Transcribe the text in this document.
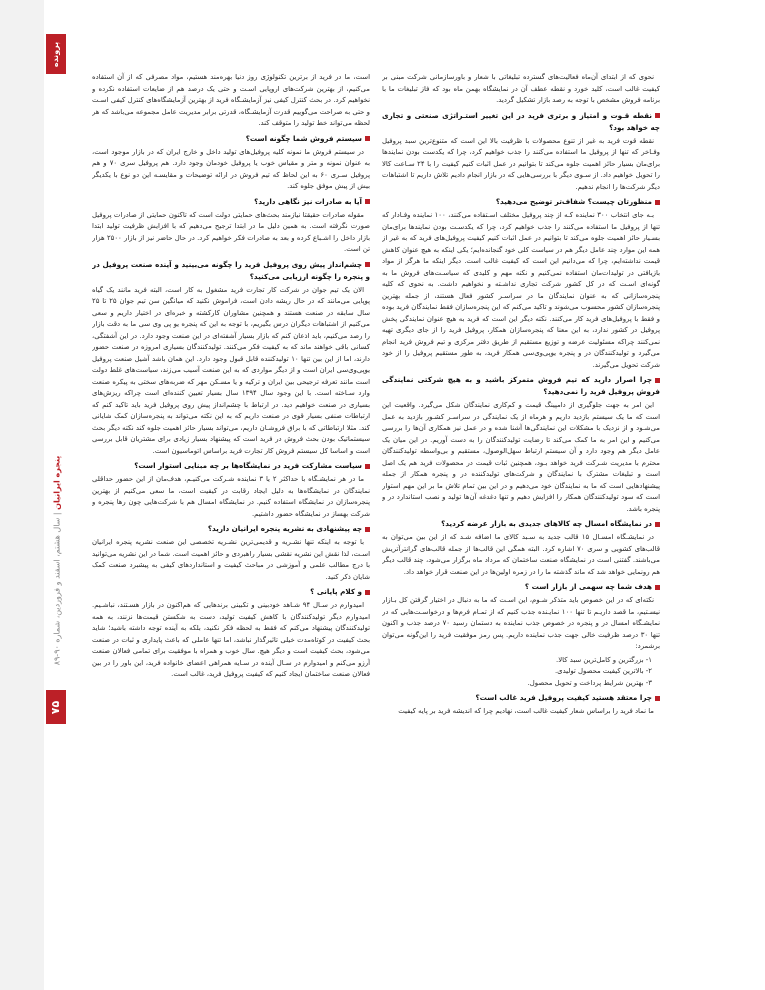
پرونده
پنجره ایرانیان | سال هشتم، اسفند و فروردین، شماره ۹۰-۸۹
۷۵

نحوی که از ابتدای آن‌ماه فعالیت‌های گسترده تبلیغاتی با شعار و باورسازمانی شرکت مبنی بر کیفیت غالب است، کلید خورد و نقطه عطف آن در نمایشگاه بهمن ماه بود که فاز تبلیغات ما با برنامه فروش مشخص با توجه به رصد بازار تشکیل گردید.

نقطه قـوت و امتیاز و برتری فرید در این تغییر استـراتژی صنعتی و تجاری چه خواهد بود؟

نقطه قوت فرید به غیر از تنوع محصولات با ظرفیت بالا این است که متنوع‌ترین سبد پروفیل وفـاخر که تنها از پروفیل ما استفاده می‌کنند را جذب خواهیم کرد، چرا که یکدست بودن نمایندها برای‌مان بسیار حائز اهمیت جلوه می‌کند تا بتوانیم در عمل اثبات کنیم کیفیت را با ۲۴ سـاعت کالا را تحویل خواهیم داد. از سـوی دیگر با بررسی‌هایی که در بازار انجام دادیم تلاش داریم تا اشتباهات دیگر شرکت‌ها را انجام ندهیم.

منظورتان چیست؟ شفاف‌تر توضیح می‌دهید؟

بـه جای انتخاب ۳۰۰ نماینده کـه از چند پروفیل مختلف اسـتفاده می‌کنند، ۱۰۰ نماینده وفـادار که تنها از پروفیل ما استفاده می‌کنند را جذب خواهیم کرد، چرا که یکدسـت بودن نمایندها برای‌مان بسـیار حائز اهمیت جلوه می‌کند تا بتوانیم در عمل اثبات کنیم کیفیت پروفیل‌های فرید که به غیر از همه این موارد چند عامل دیگر هم در سیاست کلی خود گنجانده‌ایم؛ یکی اینکه به هیچ عنوان کاهش قیمت نداشته‌ایم، چرا که می‌دانیم این است که کیفیت غالب است. دیگر اینکه ما هرگز از مواد بازیافتی در تولیدات‌مان استفاده نمی‌کنیم و نکته مهم و کلیدی که سیاسـت‌های فروش ما به گونه‌ای اسـت که در کل کشور شرکت تجاری نداشـته و نخواهیم داشت. به نحوی که کلیه پنجره‌سازانی که به عنوان نمایندگان ما در سراسـر کشور فعال هستند، از جمله بهترین پنجره‌سازان کشور محسوب می‌شوند و تاکید می‌کنم که این پنجره‌سازان فقط نمایندگان فرید بوده و فقط با پروفیل‌های فرید کار می‌کنند. نکته دیگر این است که فرید به هیچ عنوان نمایندگی پخش پروفیل در کشور ندارد، به این معنا که پنجره‌سازان همکار، پروفیل فرید را از جای دیگری تهیه نمی‌کنند چراکه مسئولیت عرضه و توزیع مستقیم از طریق دفتر مرکزی و تیم فروش فرید انجام می‌گیرد و تولیدکنندگان در و پنجره یوپی‌وی‌سی همکار فرید، به طور مستقیم پروفیل را از خود شرکت تحویل می‌گیرند.

چرا اصرار دارید که تیم فروش متمرکز باشید و به هیچ شرکتی نمایندگی فروش پروفیل فرید را نمی‌دهید؟

این امر به جهت جلوگیری از دامپینگ قیمت و کم‌کاری نمایندگان شکل می‌گیرد. واقعیت این است که ما یک سیستم بازدید داریم و هرماه از یک نمایندگی در سراسـر کشـور بازدید به عمل می‌شـود و از نزدیک با مشکلات این نمایندگی‌ها آشنا شده و در عمل نیز همکاری آن‌ها را بررسی می‌کنیم و این امر به ما کمک می‌کند تا رضایت تولیدکنندگان را به دست آوریم. در این میان یک عامل دیگر هم وجود دارد و آن سیستم ارتباط سهل‌الوصول، مستقیم و بی‌واسطه تولیدکنندگان محترم با مدیریت شـرکت فرید خواهد بـود، همچنین ثبات قیمت در محصولات فرید هم یک اصل است و تبلیغات مشترک با نمایندگان و شرکت‌های تولیدکننده در و پنجره همکار از جمله پیشنهادهایی است که ما به نمایندگان خود می‌دهیم و در این بین تمام تلاش ما بر این مهم استوار است که سود تولیدکنندگان همکار را افزایش دهیم و تنها دغدغه آن‌ها تولید و نصب استاندارد در و پنجره باشد.

در نمایشگاه امسال چه کالاهای جدیدی به بازار عرضه کردید؟

در نمایشـگاه امسـال ۱۵ قالب جدید به سـبد کالای ما اضافه شـد که از این بین می‌توان به قالب‌های کشویی و سری ۷۰ اشاره کرد. البته همگی این قالب‌ها از جمله قالب‌های گرانترآتریش می‌باشند. گفتنی است در نمایشگاه صنعت ساختمان که مرداد ماه برگزار می‌شود، چند قالب دیگر هم رونمایی خواهد شد که ماند گذشته ما را در زمره اولین‌ها در این صنعت قرار خواهد داد.

هدف شما چه سهمی از بازار است ؟

نکته‌ای که در این خصوص باید متذکر شـوم، این اسـت که ما به دنبال در اختیار گرفتن کل بـازار نیسـتیم، ما قصد داریـم تا تنها ۱۰۰ نمایـنده جذب کنیم که از تمـام فرم‌ها و درخواسـت‌هایی که در نمایشـگاه امسال در و پنجره در خصوص جذب نماینده به دستمان رسید ۷۰ درصد جذب و اکنون تنها ۳۰ درصد ظرفیت خالی جهت جذب نماینده داریم. پس رمز موفقیت فرید را این‌گونه می‌توان برشمرد:

۱- بزرگترین و کامل‌ترین سبد کالا.
۲- بالاترین کیفیت محصول تولیدی.
۳- بهترین شرایط پرداخت و تحویل محصول.
چرا معتقد هستید کیفیت پروفیل فرید غالب است؟

ما نماد فرید را براساس شعار کیفیت غالب است، نهادیم چرا که اندیشه فرید بر پایه کیفیت

است، ما در فرید از برترین تکنولوژی روز دنیا بهره‌مند هستیم، مواد مصرفی که از آن استفاده می‌کنیم، از بهترین شرکت‌های اروپایی اسـت و حتی یک درصد هم از ضایعات استفاده نکرده و نخواهیم کرد. در بحث کنترل کیفی نیز آزمایشـگاه فرید از بهترین آزمایشگاه‌های کنترل کیفی اسـت و حتی به صراحت می‌گوییم قدرت آزمایشـگاه، قدرتی برابر مدیریت عامل مجموعه می‌باشد که هر لحظه می‌تواند خط تولید را متوقف کند.

سیستم فروش شما چگونه است؟

در سیستم فروش ما نمونه کلیه پروفیل‌های تولید داخل و خارج ایران که در بازار موجود است، به عنوان نمونه و متر و مقیاس خوب یا پروفیل خودمان وجود دارد. هم پروفیل سری ۷۰ و هم پروفیل سـری ۶۰ به این لحاظ که تیم فروش در ارائه توضیحات و مقایسـه این دو نوع با یکدیگر بیش از پیش موفق جلوه کند.

آیا به صادرات نیز نگاهی دارید؟

مقوله صادرات حقیقتا نیازمند بحث‌های حمایتی دولت است که تاکنون حمایتی از صادرات پروفیل صورت نگرفته است. به همین دلیل ما در ابتدا ترجیح می‌دهیم که با افزایش ظرفیت تولید ابتدا بازار داخل را اشـباع کرده و بعد به صادرات فکر خواهیم کرد. در حال حاضر نیز از بازار ۲۵۰۰ هزار تن است.

چشم‌انداز پیش روی پروفیل فرید را چگونه می‌بینید و آینده صنعت پروفیل در و پنجره را چگونه ارزیابی می‌کنید؟

الان یک تیم جوان در شرکت کار تجارت فرید مشغول به کار است، البته فرید مانند یک گیاه پوپایی می‌مانند که در حال ریشه دادن است، فراموش نکنید که میانگین سن تیم جوان ۲۵ تا ۲۵ سال سابقه در صنعت هستند و همچنین مشاوران کارکشته و خبره‌ای در اختیار داریم و سعی می‌کنیم از اشتباهات دیگران درس بگیریم، با توجه به این که پنجره یو پی وی سی ما به دقت بازار را رصد می‌کنیم، باید اذعان کنم که بازار بسیار آشفته‌ای در این صنعت وجود دارد. در این آشفتگی، کسانی باقی خواهند ماند که به کیفیت فکر می‌کنند. تولیدکنندگان بسیاری امروزه در صنعت حضور دارند، اما از این بین تنها ۱۰ تولیدکننده قابل قبول وجود دارد. این همان باشد آشیل صنعت پروفیل یوپی‌وی‌سی ایران است و از دیگر مواردی که به این صنعت آسیب می‌زند، سیاست‌های غلط دولت است مانند تعرفه ترجیحی بین ایران و ترکیه و یا مسـکن مهر که ضربه‌های سختی به پیکره صنعت وارد سـاخته است. با این وجود سال ۱۳۹۴ سال بسیار تعیین کننده‌ای است چراکه ریزش‌های بسیاری در صنعت خواهیم دید. در ارتباط با چشم‌انداز پیش روی پروفیل فرید باید تاکید کنم که ارتباطات صنفی بسیار قوی در صنعت داریم که به این نکته می‌تواند به پنجره‌سازان کمک شایانی کند. مثلا ارتباطاتی که با براق فروشـان داریم، می‌تواند بسیار حائز اهمیت جلوه کند نکته دیگر بحث سیستماتیک بودن بحث فروش در فرید است که پیشنهاد بسیار زیادی برای مشتریان قابل بررسی است و اساسا کل سیستم فروش کار تجارت فرید براساس اتوماسیون است.

سیاست مشارکت فرید در نمایشگاه‌ها بر چه مبنایی استوار است؟

ما در هر نمایشـگاه با حداکثر ۲ یا ۳ نماینده شـرکت می‌کنیـم، هدف‌مان از این حضور حداقلی نمایندگان در نمایشگاه‌ها به دلیل ایجاد رقابت در کیفیت است، ما سعی می‌کنیم از بهترین پنجره‌سازان در نمایشگاه استفاده کنیم. در نمایشگاه امسال هم با شرکت‌هایی چون رها پنجره و شرکت بهساز در نمایشگاه حضور داشتیم.

چه پیشنهادی به نشریه پنجره ایرانیان دارید؟

با توجه به اینکه تنها نشـریه و قدیمی‌ترین نشـریه تخصصی این صنعت نشریه پنجره ایرانیان اسـت، لذا نقش این نشریه نقشی بسیار راهبردی و حائز اهمیت است. شما در این نشریه می‌توانید با درج مطالب علمی و آموزشی در مباحث کیفیت و استانداردهای کیفی به پیشبرد صنعت کمک شایان ذکر کنید.

و کلام پایانی ؟

امیدوارم در سـال ۹۴ شـاهد خودبینی و تکبینی برندهایی که هم‌اکنون در بازار هسـتند، نباشـیم. امیدوارم دیگر تولیدکنندگان با کاهش کیفیت تولید، دست به شکستن قیمت‌ها نزنند، به همه تولیدکنندگان پیشنهاد می‌کنم که فقط به لحظه فکر نکنید، بلکه به آینده توجه داشته باشید؛ شاید بحث کیفیت در کوتاه‌مدت خیلی تاثیرگذار نباشد، اما تنها عاملی که باعث پایداری و ثبات در صنعت می‌شود، بحث کیفیت است و دیگر هیچ. سال خوب و همراه با موفقیت برای تمامی فعالان صنعت آرزو می‌کنم و امیدوارم در سـال آینده در سـایه همراهی اعضای خانواده فرید، این باور را در بین فعالان صنعت ساختمان ایجاد کنیم که کیفیت پروفیل فرید، غالب است.
